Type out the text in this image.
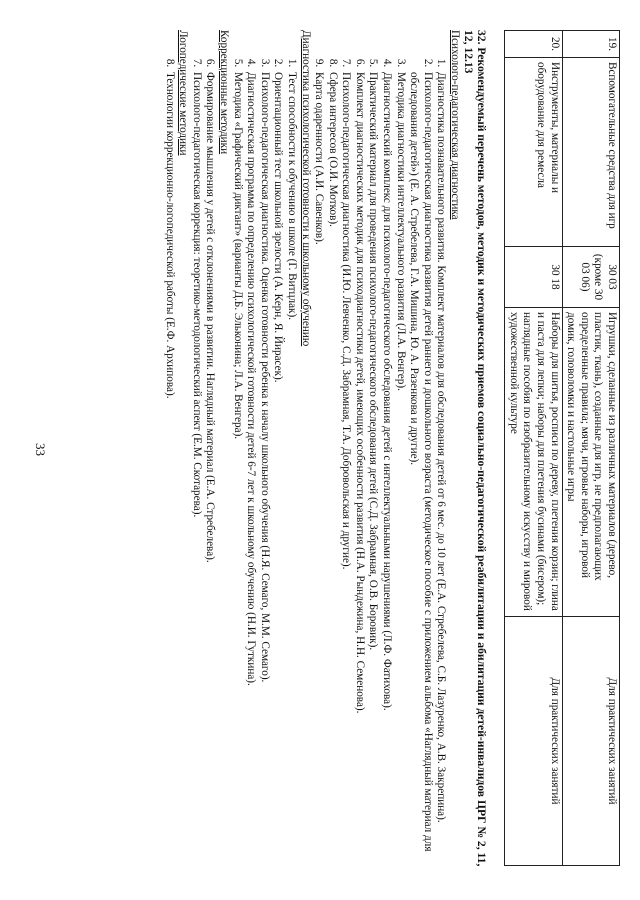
33
19.	Вспомогательные средства для игр	30 03 (кроме 30 03 06)	Игрушки, сделанные из различных материалов (дерево, пластик, ткань), созданные для игр, не предполагающих определенные правила; мячи, игровые наборы, игровой домик, головоломки и настольные игры	Для практических занятий
20.	Инструменты, материалы и оборудование для ремесла	30 18	Наборы для шитья, росписи по дереву, плетения корзин; глина и паста для лепки; наборы для плетения бусинами (бисером); наглядные пособия по изобразительному искусству и мировой художественной культуре	Для практических занятий

32. Рекомендуемый перечень методов, методик и методических приемов социально-педагогической реабилитации и абилитации детей-инвалидов ЦРГ № 2, 11, 12, 12.13

Психолого-педагогическая диагностика
1. Диагностика познавательного развития. Комплект материалов для обследования детей от 6 мес. до 10 лет (Е.А. Стребелева, С.Б. Лазуренко, А.В. Закрепина).
2. Психолого-педагогическая диагностика развития детей раннего и дошкольного возраста (методическое пособие с приложением альбома «Наглядный материал для обследования детей») (Е. А. Стребелева, Г.А. Мишина, Ю. А. Разенкова и другие).
3. Методика диагностики интеллектуального развития (Л.А. Венгер).
4. Диагностический комплекс для психолого-педагогического обследования детей с интеллектуальными нарушениями (Л.Ф. Фатихова).
5. Практический материал для проведения психолого-педагогического обследования детей (С.Д. Забрамная, О.В. Боровик).
6. Комплект диагностических методик для психодиагностики детей, имеющих особенности развития (Н.А. Рындежина, Н.Н. Семенова).
7. Психолого-педагогическая диагностика (И.Ю. Левченко, С.Д. Забрамная, Т.А. Добровольская и другие).
8. Сфера интересов (О.И. Мотков).
9. Карта одаренности (А.И. Савенков).
Диагностика психологической готовности к школьному обучению
1. Тест способности к обучению в школе (Г. Витцлак).
2. Ориентационный тест школьной зрелости (А. Керн, Я. Йирасек).
3. Психолого-педагогическая диагностика. Оценка готовности ребенка к началу школьного обучения (Н.Я. Семаго, М.М. Семаго).
4. Диагностическая программа по определению психологической готовности детей 6-7 лет к школьному обучению (Н.И. Гуткина).
5. Методика «Графический диктант» (варианты Д.Б. Эльконина; Л.А. Венгера).
Коррекционные методики
6. Формирование мышления у детей с отклонениями в развитии. Наглядный материал (Е.А. Стребелева).
7. Психолого-педагогическая коррекция: теоретико-методологический аспект (Е.М. Скотарева).
Логопедические методики
8. Технологии коррекционно-логопедической работы (Е.Ф. Архипова).
